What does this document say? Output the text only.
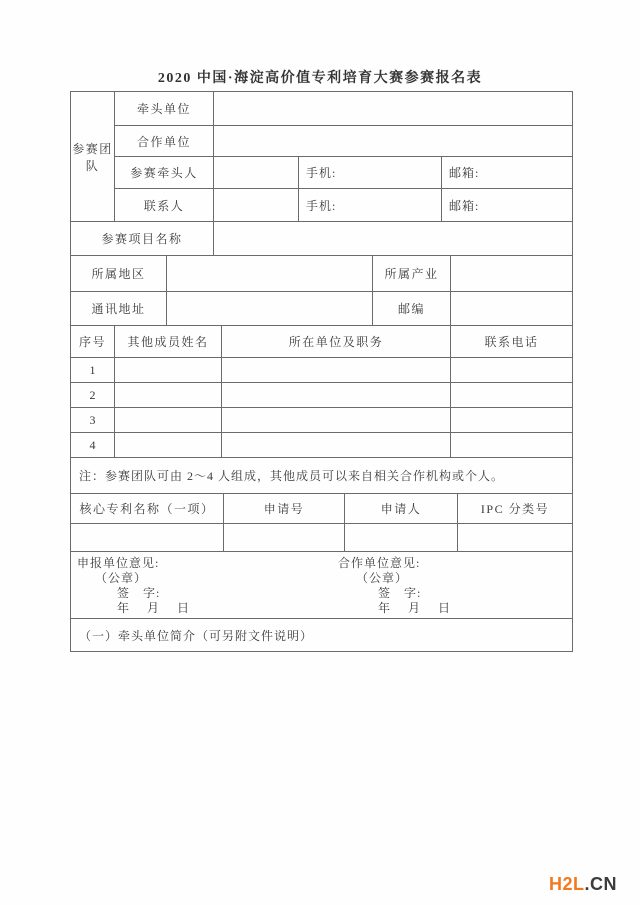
2020 中国·海淀高价值专利培育大赛参赛报名表
参赛团队	牵头单位			
	合作单位			
	参赛牵头人		手机:	邮箱:
	联系人		手机:	邮箱:
参赛项目名称	
所属地区		所属产业	
通讯地址		邮编	
序号	其他成员姓名	所在单位及职务	联系电话
1			
2			
3			
4			
注：参赛团队可由 2～4 人组成，其他成员可以来自相关合作机构或个人。
核心专利名称（一项）	申请号	申请人	IPC 分类号

申报单位意见:
（公章）
签　字:
年　 月　 日
合作单位意见:
（公章）
签　字:
年　 月　 日
（一）牵头单位简介（可另附文件说明）
H2L.CN
